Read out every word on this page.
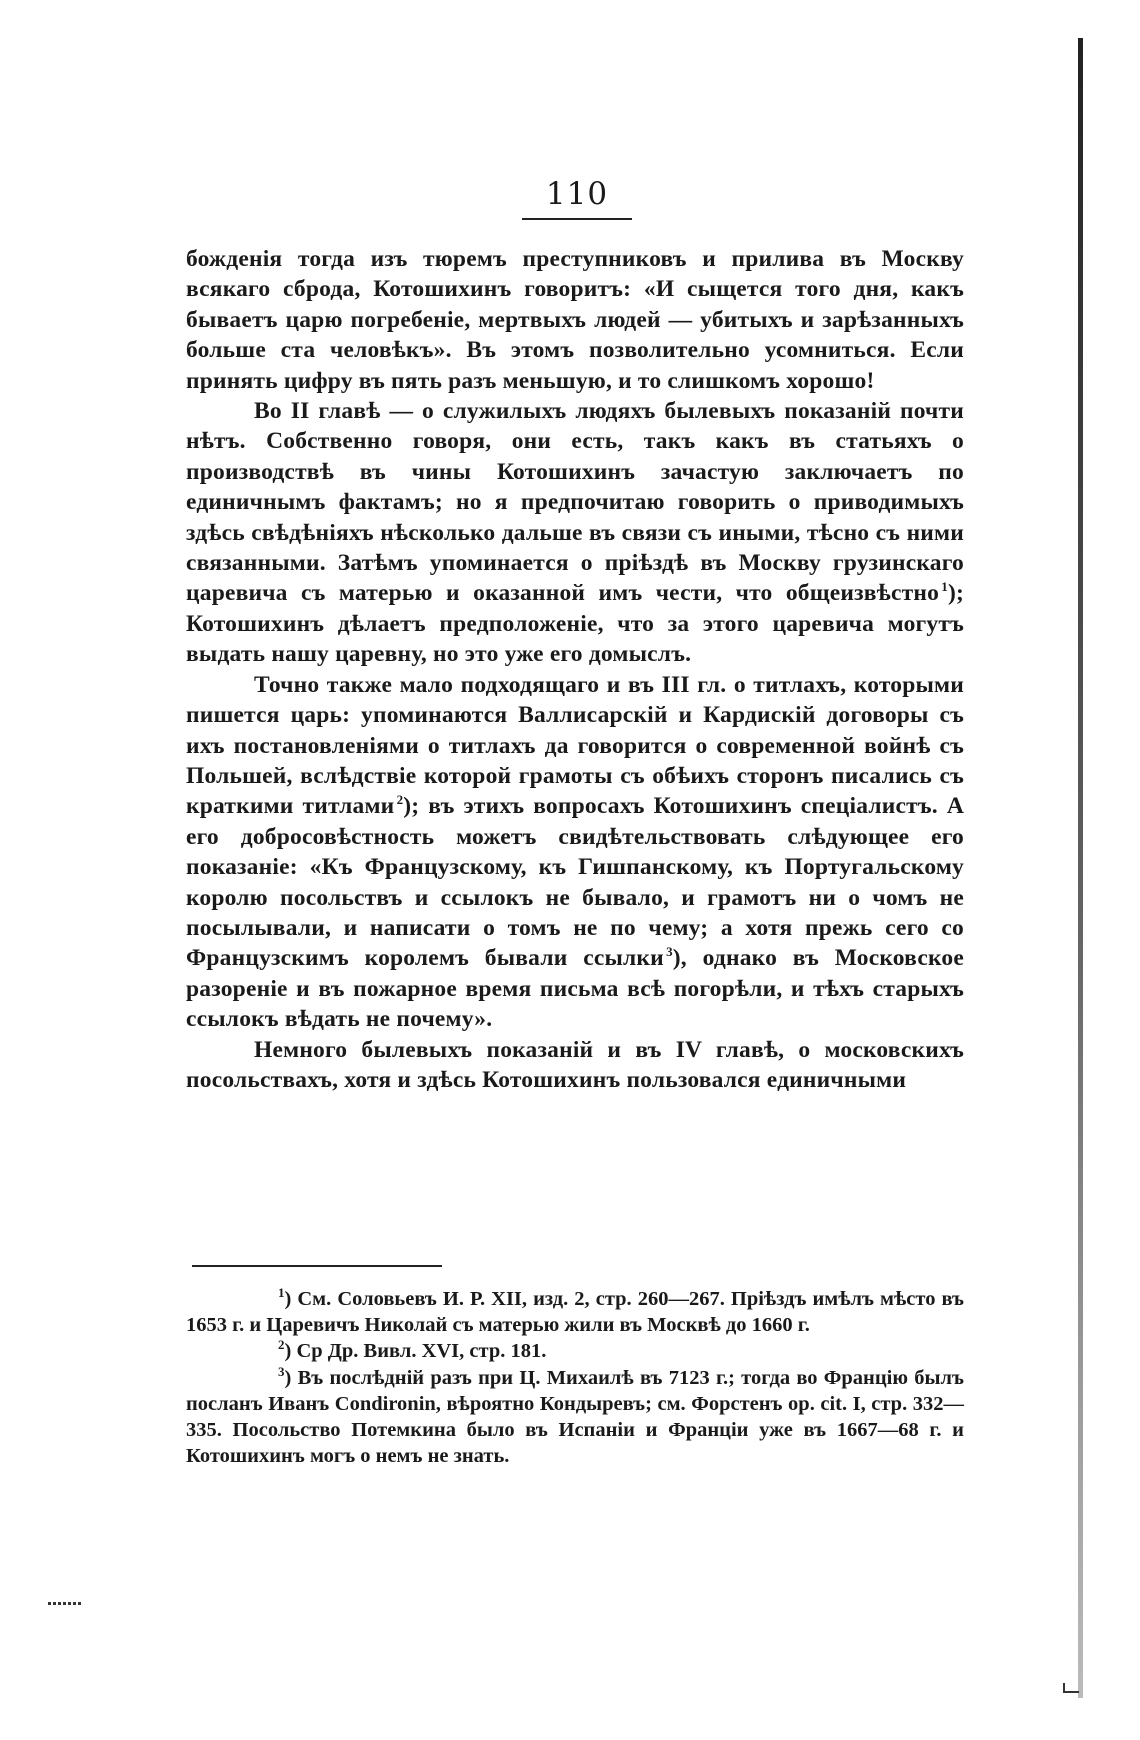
110

божденiя тогда изъ тюремъ преступниковъ и прилива въ Москву всякаго сброда, Котошихинъ говоритъ: «И сыщется того дня, какъ бываетъ царю погребенiе, мертвыхъ людей — убитыхъ и зарѣзанныхъ больше ста человѣкъ». Въ этомъ позволительно усомниться. Если принять цифру въ пять разъ меньшую, и то слишкомъ хорошо!

Во II главѣ — о служилыхъ людяхъ былевыхъ показанiй почти нѣтъ. Собственно говоря, они есть, такъ какъ въ статьяхъ о производствѣ въ чины Котошихинъ зачастую заключаетъ по единичнымъ фактамъ; но я предпочитаю говорить о приводимыхъ здѣсь свѣдѣнiяхъ нѣсколько дальше въ связи съ иными, тѣсно съ ними связанными. Затѣмъ упоминается о прiѣздѣ въ Москву грузинскаго царевича съ матерью и оказанной имъ чести, что общеизвѣстно  $^1$); Котошихинъ дѣлаетъ предположенiе, что за этого царевича могутъ выдать нашу царевну, но это уже его домыслъ.

Точно также мало подходящаго и въ III гл. о титлахъ, которыми пишется царь: упоминаются Валлисарскiй и Кардискiй договоры съ ихъ постановленiями о титлахъ да говорится о современной войнѣ съ Польшей, вслѣдствiе которой грамоты съ обѣихъ сторонъ писались съ краткими титлами  $^2$); въ этихъ вопросахъ Котошихинъ спецiалистъ. А его добросовѣстность можетъ свидѣтельствовать слѣдующее его показанiе: «Къ Французскому, къ Гишпанскому, къ Португальскому королю посольствъ и ссылокъ не бывало, и грамотъ ни о чомъ не посылывали, и написати о томъ не по чему; а хотя прежь сего со Французскимъ королемъ бывали ссылки  $^3$), однако въ Московское разоренiе и въ пожарное время письма всѣ погорѣли, и тѣхъ старыхъ ссылокъ вѣдать не почему».

Немного былевыхъ показанiй и въ IV главѣ, о московскихъ посольствахъ, хотя и здѣсь Котошихинъ пользовался единичными

$^1$) См. Соловьевъ И. Р. XII, изд. 2, стр. 260—267. Прiѣздъ имѣлъ мѣсто въ 1653 г. и Царевичъ Николай съ матерью жили въ Москвѣ до 1660 г.

$^2$) Ср Др. Вивл. XVI, стр. 181.

$^3$) Въ послѣднiй разъ при Ц. Михаилѣ въ 7123 г.; тогда во Францiю былъ посланъ Иванъ Condironin, вѣроятно Кондыревъ; см. Форстенъ op. cit. I, стр. 332—335. Посольство Потемкина было въ Испанiи и Францiи уже въ 1667—68 г. и Котошихинъ могъ о немъ не знать.
